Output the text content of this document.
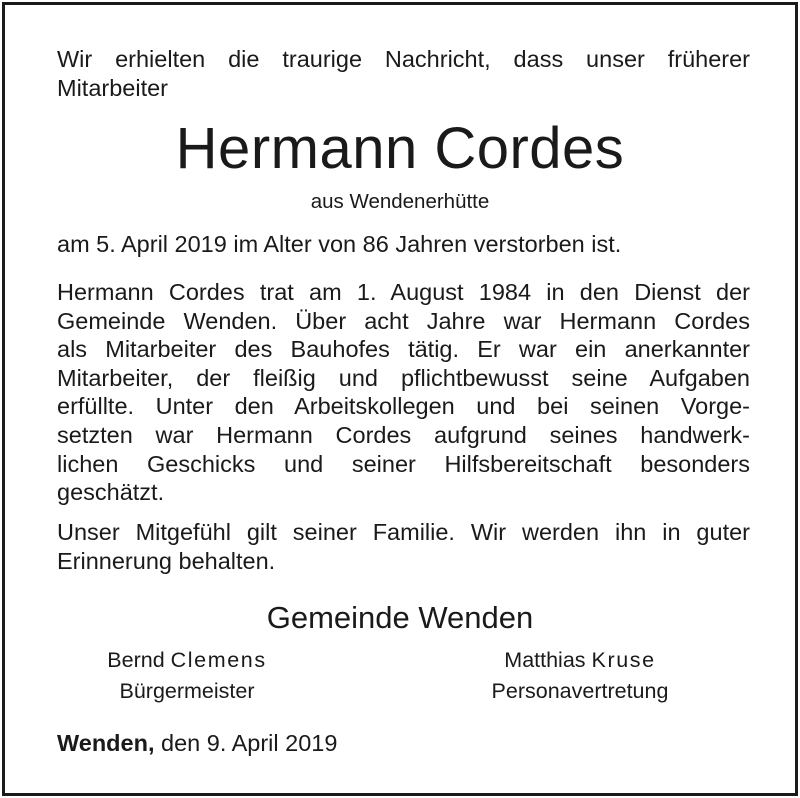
Wir erhielten die traurige Nachricht, dass unser früherer

Mitarbeiter

Hermann Cordes
aus Wendenerhütte
am 5. April 2019 im Alter von 86 Jahren verstorben ist.
Hermann Cordes trat am 1. August 1984 in den Dienst der
Gemeinde Wenden. Über acht Jahre war Hermann Cordes
als Mitarbeiter des Bauhofes tätig. Er war ein anerkannter
Mitarbeiter, der fleißig und pflichtbewusst seine Aufgaben
erfüllte. Unter den Arbeitskollegen und bei seinen Vorge-
setzten war Hermann Cordes aufgrund seines handwerk-
lichen Geschicks und seiner Hilfsbereitschaft besonders
geschätzt.
Unser Mitgefühl gilt seiner Familie. Wir werden ihn in guter
Erinnerung behalten.
Gemeinde Wenden
Bernd Clemens
Bürgermeister
Matthias Kruse
Personavertretung
Wenden, den 9. April 2019
